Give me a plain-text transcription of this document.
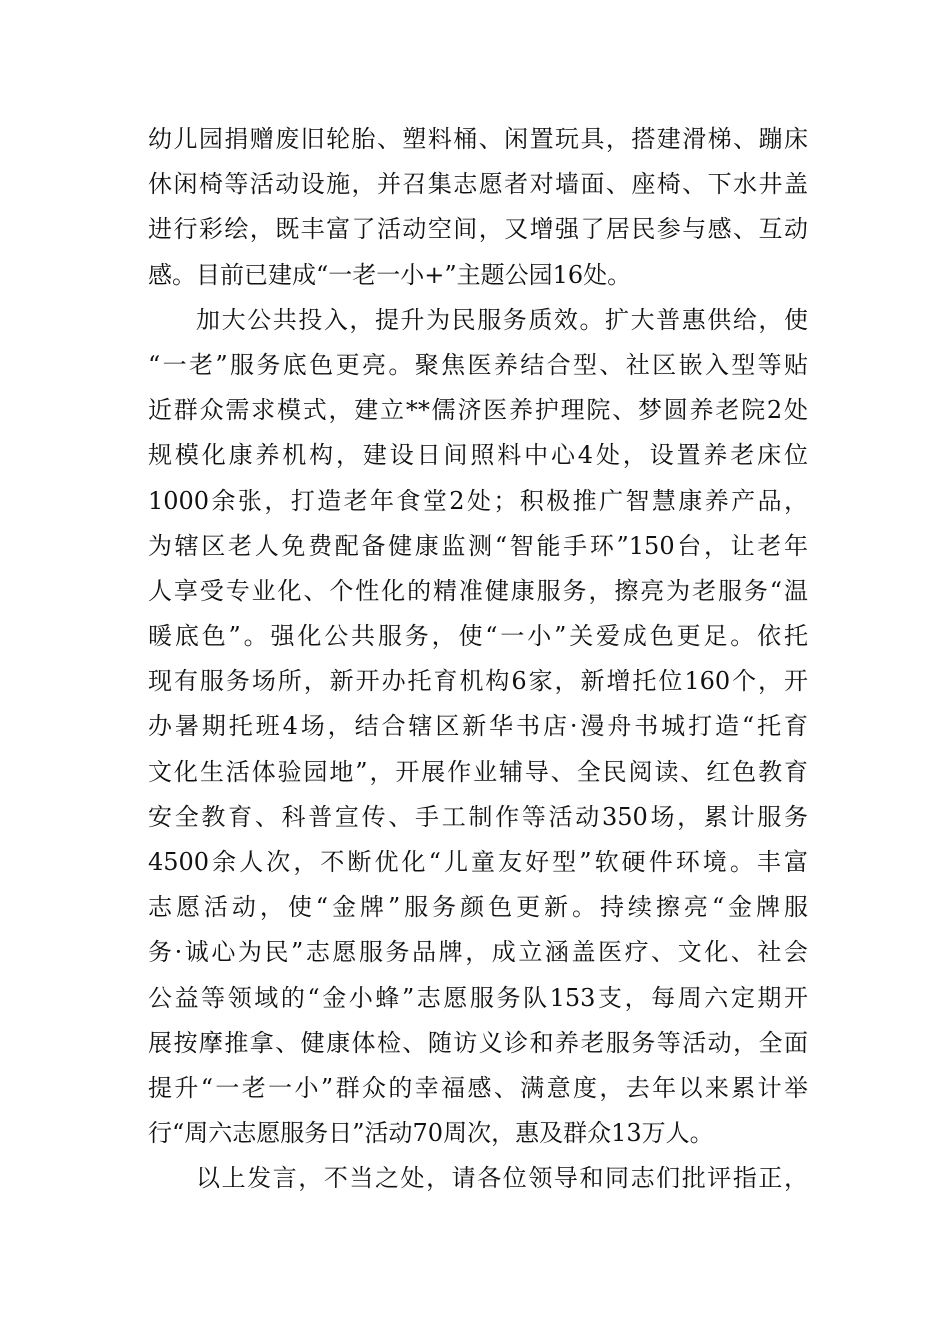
幼儿园捐赠废旧轮胎、塑料桶、闲置玩具，搭建滑梯、蹦床
休闲椅等活动设施，并召集志愿者对墙面、座椅、下水井盖
进行彩绘，既丰富了活动空间，又增强了居民参与感、互动
感。目前已建成“一老一小+”主题公园16处。
加大公共投入，提升为民服务质效。扩大普惠供给，使
“一老”服务底色更亮。聚焦医养结合型、社区嵌入型等贴
近群众需求模式，建立**儒济医养护理院、梦圆养老院2处
规模化康养机构，建设日间照料中心4处，设置养老床位
1000余张，打造老年食堂2处；积极推广智慧康养产品，
为辖区老人免费配备健康监测“智能手环”150台，让老年
人享受专业化、个性化的精准健康服务，擦亮为老服务“温
暖底色”。强化公共服务，使“一小”关爱成色更足。依托
现有服务场所，新开办托育机构6家，新增托位160个，开
办暑期托班4场，结合辖区新华书店·漫舟书城打造“托育
文化生活体验园地”，开展作业辅导、全民阅读、红色教育
安全教育、科普宣传、手工制作等活动350场，累计服务
4500余人次，不断优化“儿童友好型”软硬件环境。丰富
志愿活动，使“金牌”服务颜色更新。持续擦亮“金牌服
务·诚心为民”志愿服务品牌，成立涵盖医疗、文化、社会
公益等领域的“金小蜂”志愿服务队153支，每周六定期开
展按摩推拿、健康体检、随访义诊和养老服务等活动，全面
提升“一老一小”群众的幸福感、满意度，去年以来累计举
行“周六志愿服务日”活动70周次，惠及群众13万人。
以上发言，不当之处，请各位领导和同志们批评指正，
